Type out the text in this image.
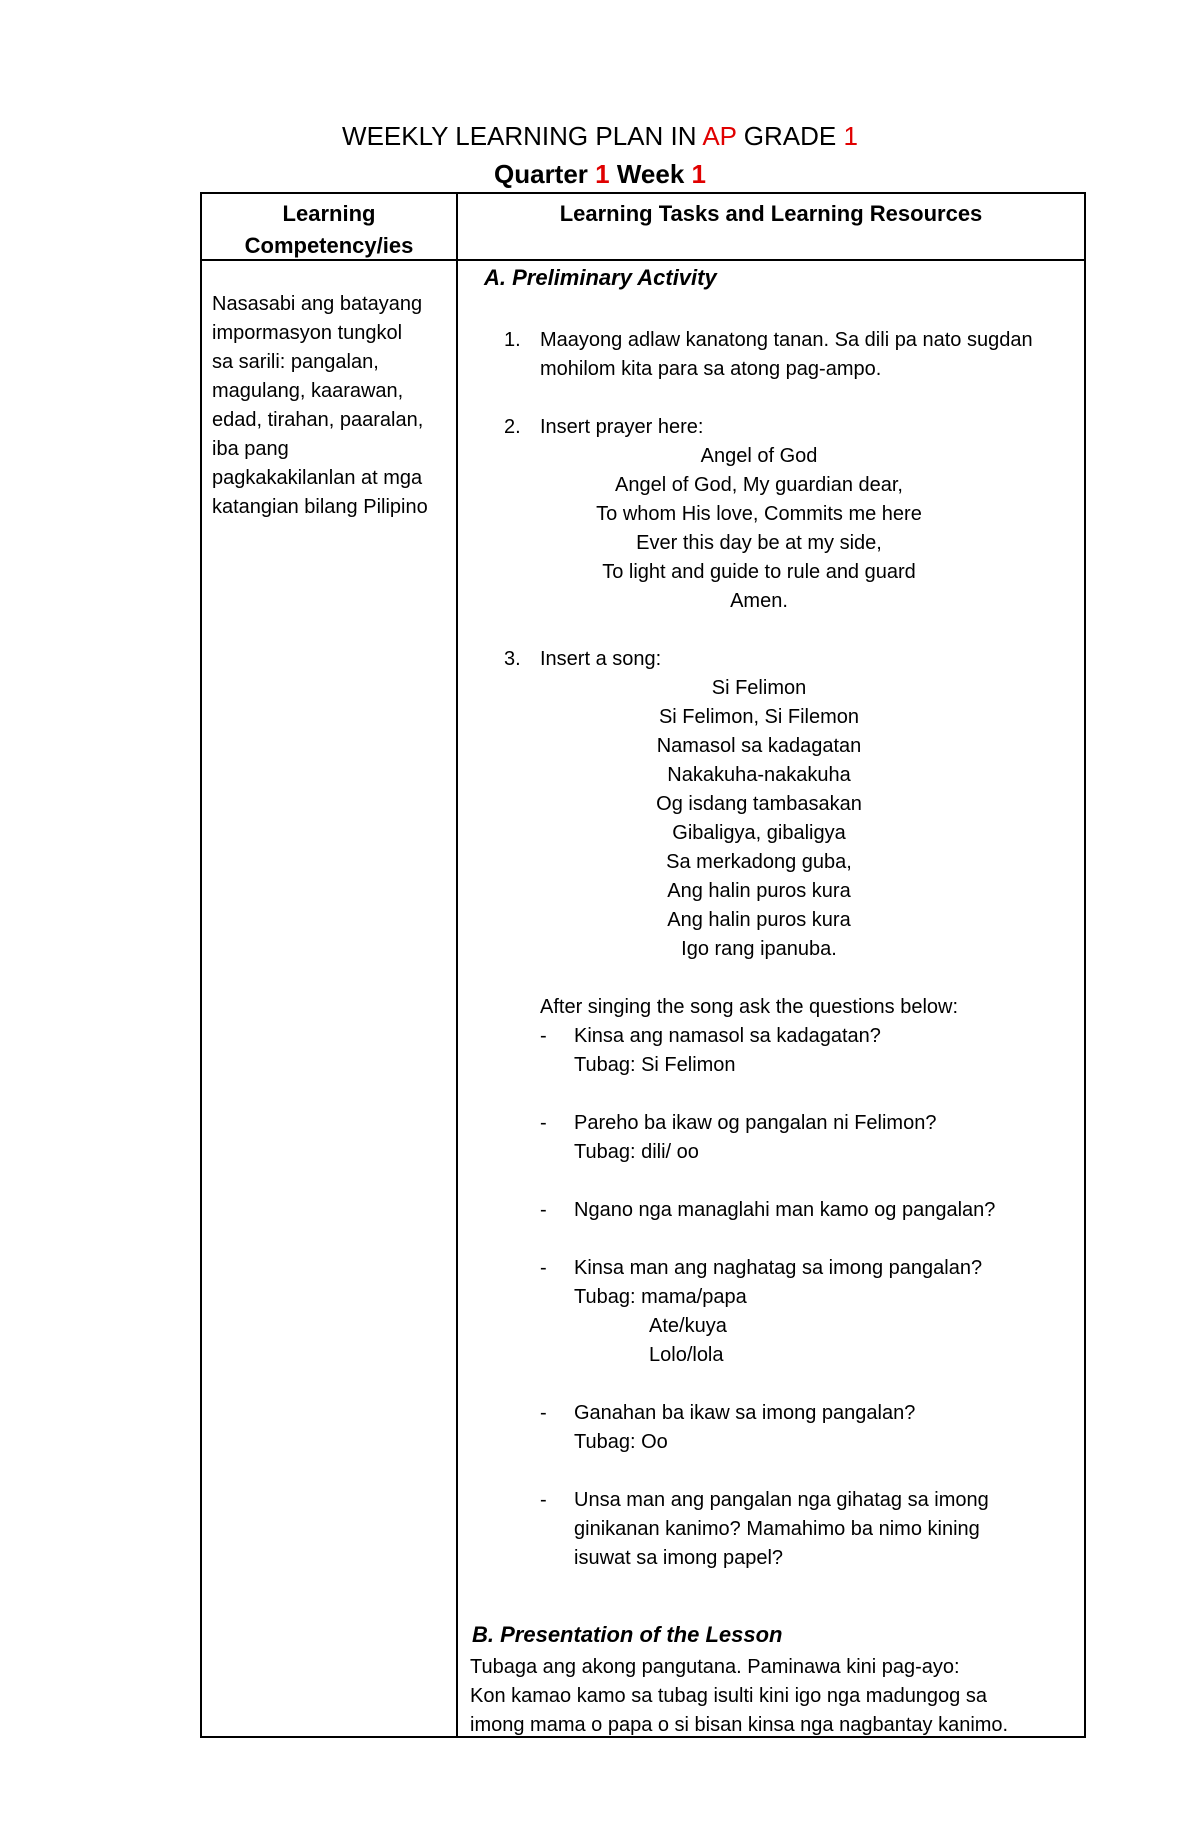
WEEKLY LEARNING PLAN IN AP GRADE 1
Quarter 1 Week 1
Learning
Competency/ies
Learning Tasks and Learning Resources
Nasasabi ang batayang
impormasyon tungkol
sa sarili: pangalan,
magulang, kaarawan,
edad, tirahan, paaralan,
iba pang
pagkakakilanlan at mga
katangian bilang Pilipino
A. Preliminary Activity
1. Maayong adlaw kanatong tanan. Sa dili pa nato sugdan
mohilom kita para sa atong pag-ampo.
2. Insert prayer here:
Angel of God
Angel of God, My guardian dear,
To whom His love, Commits me here
Ever this day be at my side,
To light and guide to rule and guard
Amen.
3. Insert a song:
Si Felimon
Si Felimon, Si Filemon
Namasol sa kadagatan
Nakakuha-nakakuha
Og isdang tambasakan
Gibaligya, gibaligya
Sa merkadong guba,
Ang halin puros kura
Ang halin puros kura
Igo rang ipanuba.
After singing the song ask the questions below:
- Kinsa ang namasol sa kadagatan?
Tubag: Si Felimon
- Pareho ba ikaw og pangalan ni Felimon?
Tubag: dili/ oo
- Ngano nga managlahi man kamo og pangalan?
- Kinsa man ang naghatag sa imong pangalan?
Tubag: mama/papa
Ate/kuya
Lolo/lola
- Ganahan ba ikaw sa imong pangalan?
Tubag: Oo
- Unsa man ang pangalan nga gihatag sa imong
ginikanan kanimo? Mamahimo ba nimo kining
isuwat sa imong papel?
B. Presentation of the Lesson
Tubaga ang akong pangutana. Paminawa kini pag-ayo:
Kon kamao kamo sa tubag isulti kini igo nga madungog sa
imong mama o papa o si bisan kinsa nga nagbantay kanimo.
